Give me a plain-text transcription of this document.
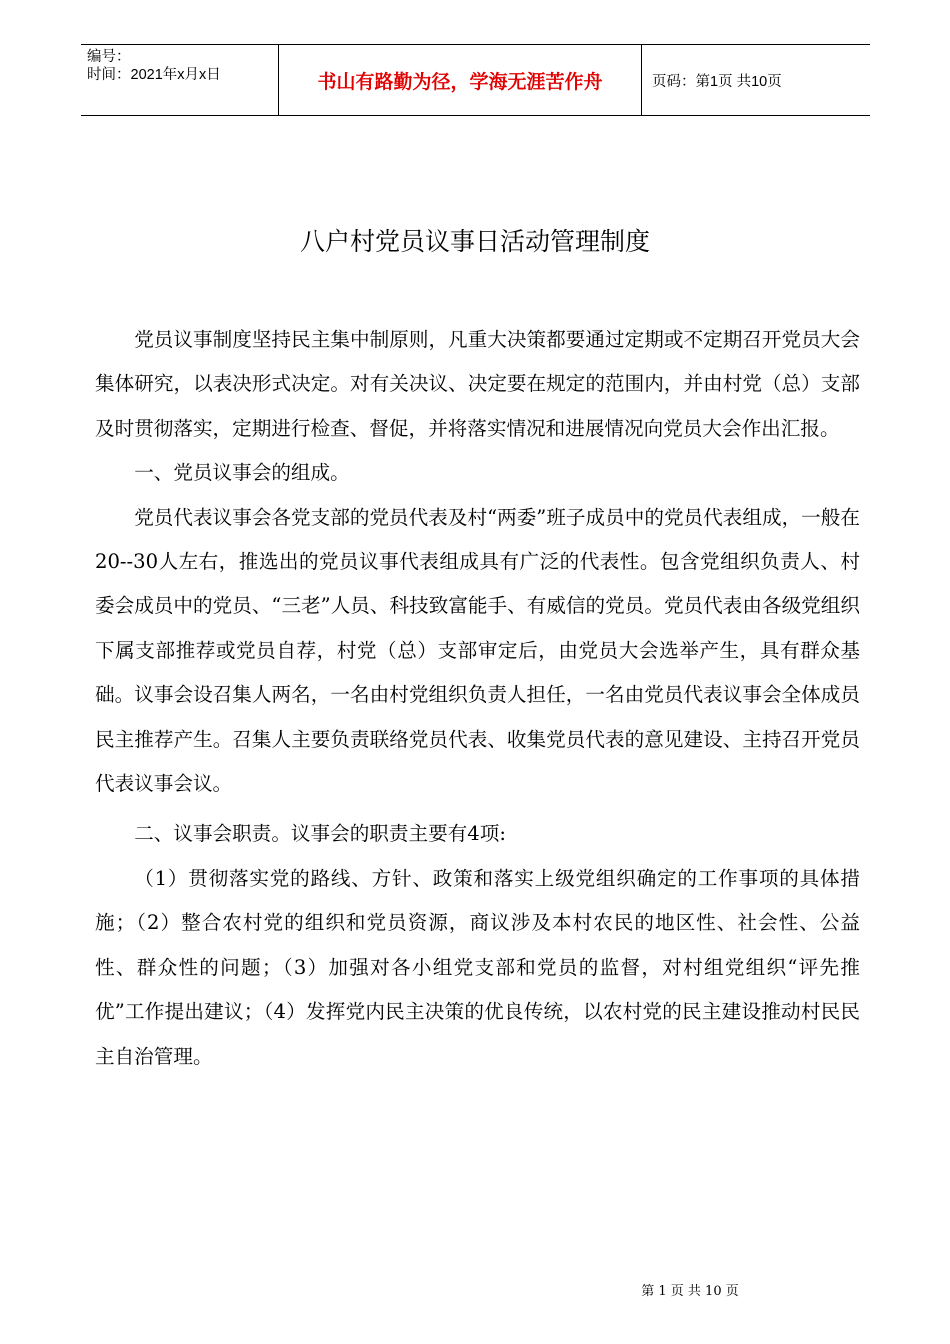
编号：
时间：2021年x月x日	书山有路勤为径，学海无涯苦作舟	页码：第1页 共10页
八户村党员议事日活动管理制度

党员议事制度坚持民主集中制原则，凡重大决策都要通过定期或不定期召开党员大会集体研究，以表决形式决定。对有关决议、决定要在规定的范围内，并由村党（总）支部及时贯彻落实，定期进行检查、督促，并将落实情况和进展情况向党员大会作出汇报。

一、党员议事会的组成。

党员代表议事会各党支部的党员代表及村“两委”班子成员中的党员代表组成，一般在20--30人左右，推选出的党员议事代表组成具有广泛的代表性。包含党组织负责人、村委会成员中的党员、“三老”人员、科技致富能手、有威信的党员。党员代表由各级党组织下属支部推荐或党员自荐，村党（总）支部审定后，由党员大会选举产生，具有群众基础。议事会设召集人两名，一名由村党组织负责人担任，一名由党员代表议事会全体成员民主推荐产生。召集人主要负责联络党员代表、收集党员代表的意见建设、主持召开党员代表议事会议。

二、议事会职责。议事会的职责主要有4项:

（1）贯彻落实党的路线、方针、政策和落实上级党组织确定的工作事项的具体措施；（2）整合农村党的组织和党员资源，商议涉及本村农民的地区性、社会性、公益性、群众性的问题；（3）加强对各小组党支部和党员的监督，对村组党组织“评先推优”工作提出建议；（4）发挥党内民主决策的优良传统，以农村党的民主建设推动村民民主自治管理。

第 1 页 共 10 页
